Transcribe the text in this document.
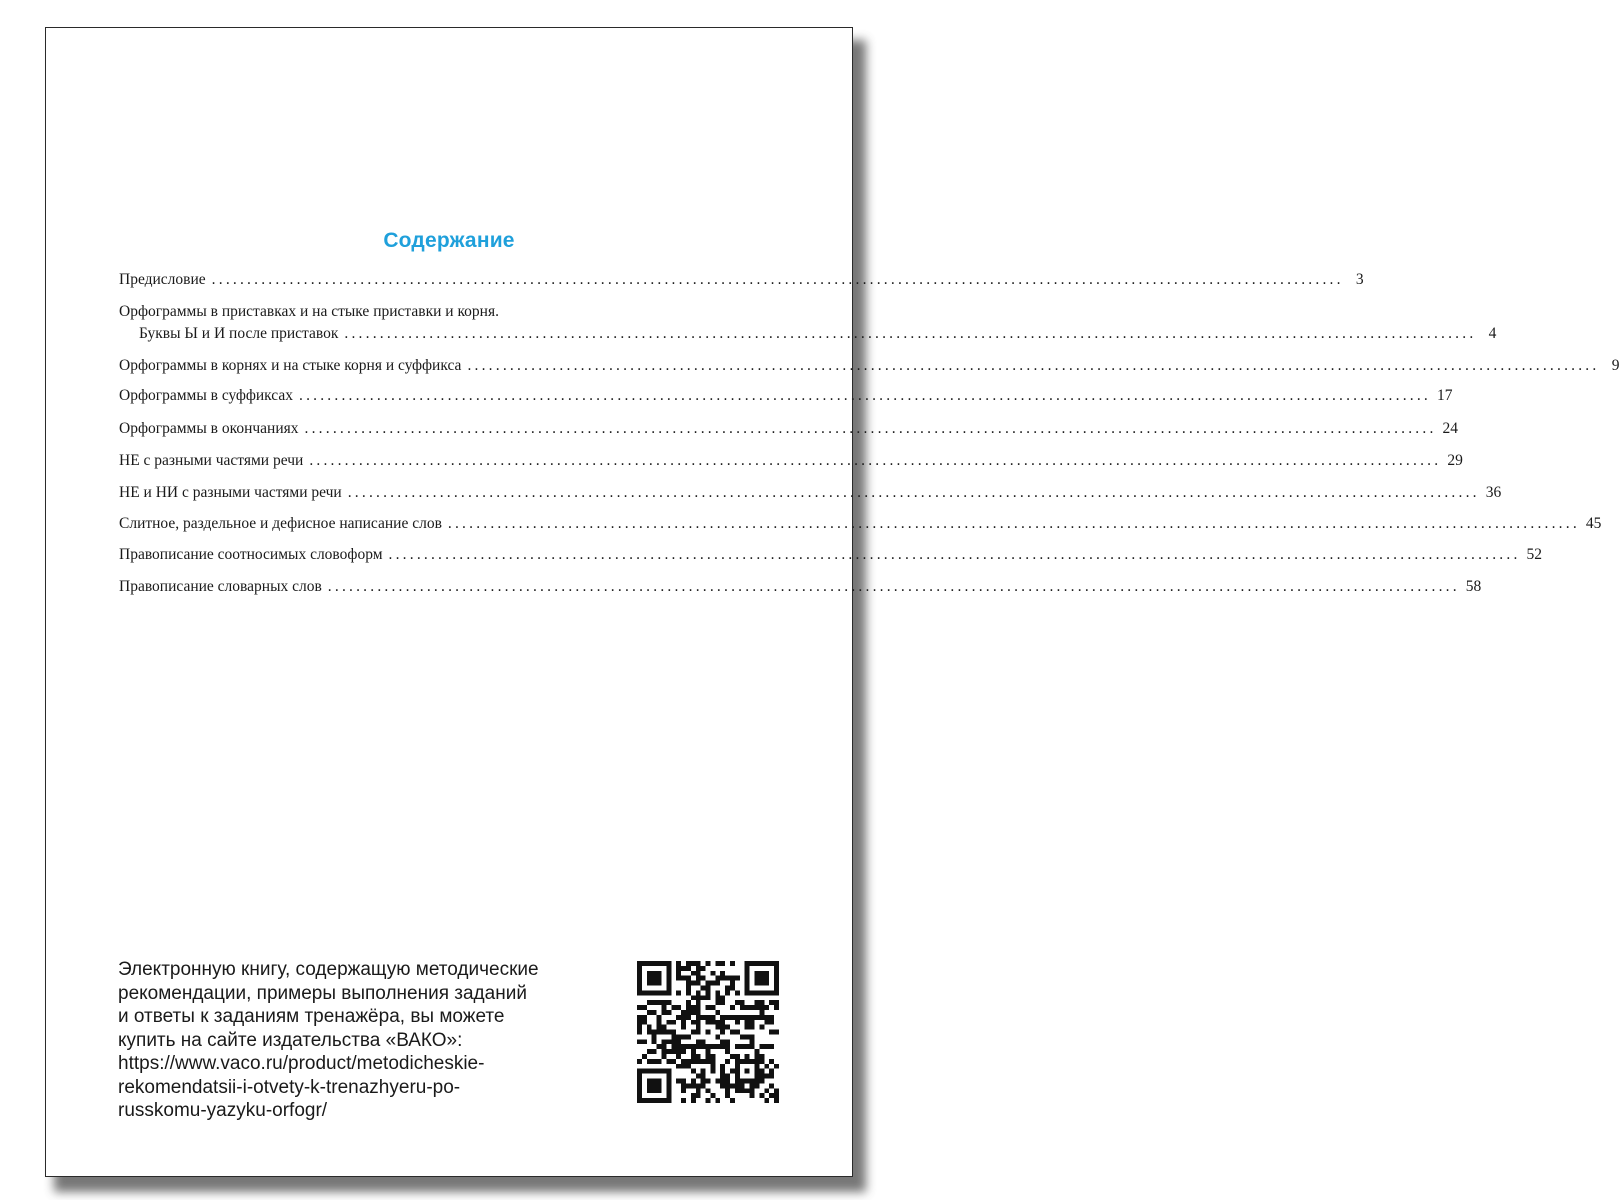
Содержание
Предисловие ................................................................................................................................................................ 3
Орфограммы в приставках и на стыке приставки и корня.
Буквы Ы и И после приставок ................................................................................................................................................................ 4
Орфограммы в корнях и на стыке корня и суффикса ................................................................................................................................................................ 9
Орфограммы в суффиксах ................................................................................................................................................................ 17
Орфограммы в окончаниях ................................................................................................................................................................ 24
НЕ с разными частями речи ................................................................................................................................................................ 29
НЕ и НИ с разными частями речи ................................................................................................................................................................ 36
Слитное, раздельное и дефисное написание слов ................................................................................................................................................................ 45
Правописание соотносимых словоформ ................................................................................................................................................................ 52
Правописание словарных слов ................................................................................................................................................................ 58
Электронную книгу, содержащую методические
рекомендации, примеры выполнения заданий
и ответы к заданиям тренажёра, вы можете
купить на сайте издательства «ВАКО»:
https://www.vaco.ru/product/metodicheskie-
rekomendatsii-i-otvety-k-trenazhyeru-po-
russkomu-yazyku-orfogr/
